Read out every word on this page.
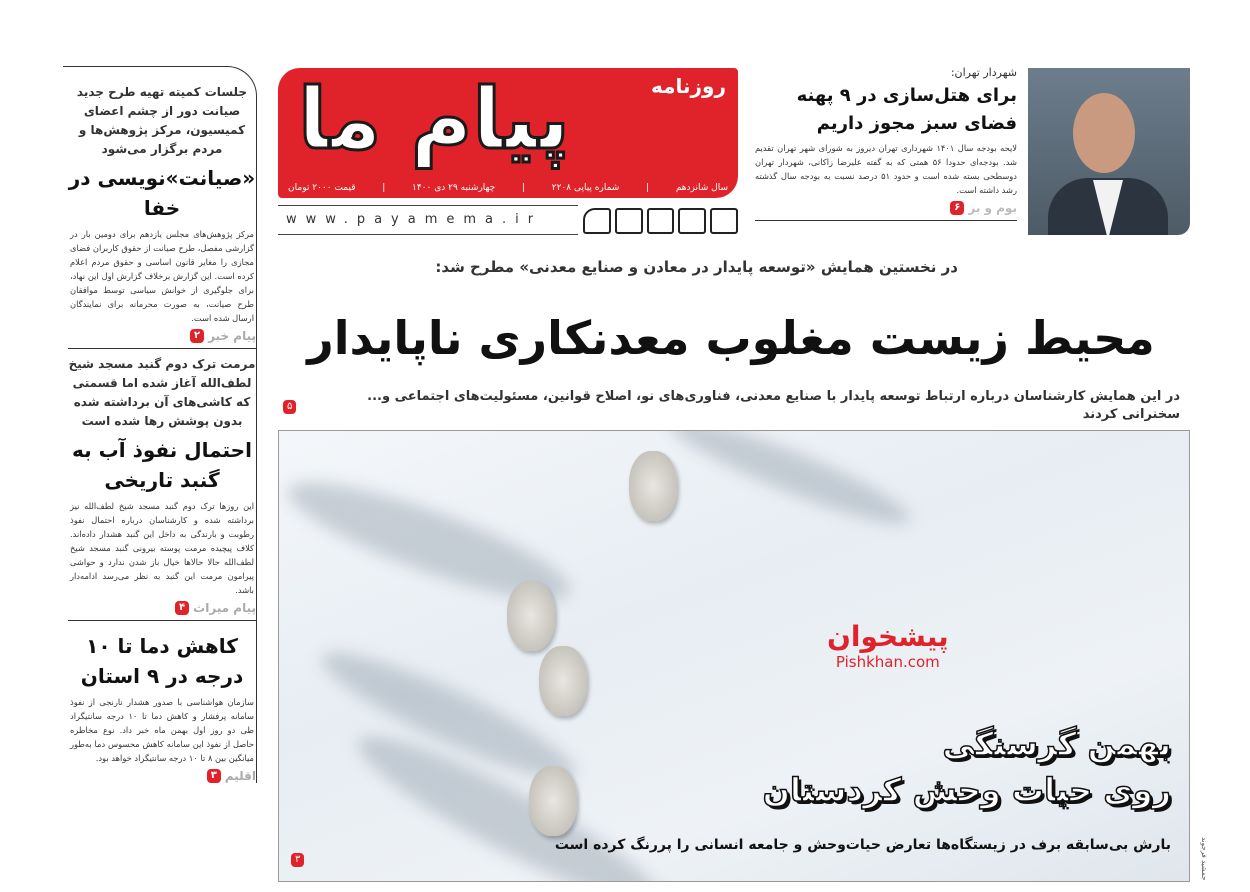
جلسات کمیته تهیه طرح جدید صیانت دور از چشم اعضای کمیسیون، مرکز پژوهش‌ها و مردم برگزار می‌شود
«صیانت»نویسی در خفا
مرکز پژوهش‌های مجلس یازدهم برای دومین بار در گزارشی مفصل، طرح صیانت از حقوق کاربران فضای مجازی را مغایر قانون اساسی و حقوق مردم اعلام کرده است. این گزارش برخلاف گزارش اول این نهاد، برای جلوگیری از خوانش سیاسی توسط موافقان طرح صیانت، به صورت محرمانه برای نمایندگان ارسال شده است.
پیام خبر
۲
مرمت ترک دوم گنبد مسجد شیخ لطف‌الله آغاز شده اما قسمتی که کاشی‌های آن برداشته شده بدون پوشش رها شده است
احتمال نفوذ آب به گنبد تاریخی
این روزها ترک دوم گنبد مسجد شیخ لطف‌الله نیز برداشته شده و کارشناسان درباره احتمال نفوذ رطوبت و بارندگی به داخل این گنبد هشدار داده‌اند. کلاف پیچیده مرمت پوسته بیرونی گنبد مسجد شیخ لطف‌الله حالا حالاها خیال باز شدن ندارد و حواشی پیرامون مرمت این گنبد به نظر می‌رسد ادامه‌دار باشد.
پیام میراث
۴
کاهش دما تا ۱۰ درجه در ۹ استان
سازمان هواشناسی با صدور هشدار نارنجی از نفوذ سامانه پرفشار و کاهش دما تا ۱۰ درجه سانتیگراد طی دو روز اول بهمن ماه خبر داد. نوع مخاطره حاصل از نفوذ این سامانه کاهش محسوس دما به‌طور میانگین بین ۸ تا ۱۰ درجه سانتیگراد خواهد بود.
اقلیم
۳
پیام ما	روزنامه
سال شانزدهم
|
شماره پیاپی ۲۲۰۸
|
چهارشنبه ۲۹ دی ۱۴۰۰
|
قیمت ۲۰۰۰ تومان
www.payamema.ir
شهردار تهران:
برای هتل‌سازی در ۹ پهنه فضای سبز مجوز داریم
لایحه بودجه سال ۱۴۰۱ شهرداری تهران دیروز به شورای شهر تهران تقدیم شد. بودجه‌ای حدودا ۵۶ همتی که به گفته علیرضا زاکانی، شهردار تهران دوسطحی بسته شده است و حدود ۵۱ درصد نسبت به بودجه سال گذشته رشد داشته است.
۶ بوم و بر
در نخستین همایش «توسعه پایدار در معادن و صنایع معدنی» مطرح شد:
محیط زیست مغلوب معدنکاری ناپایدار
در این همایش کارشناسان درباره ارتباط توسعه پایدار با صنایع معدنی، فناوری‌های نو، اصلاح قوانین، مسئولیت‌های اجتماعی و... سخنرانی کردند
۵
پیشخوان
Pishkhan.com
بهمن گرسنگی
روی حیات وحش کردستان
بارش بی‌سابقه برف در زیستگاه‌ها تعارض حیات‌وحش و جامعه انسانی را پررنگ کرده است
۳	جمشید فرجوند
